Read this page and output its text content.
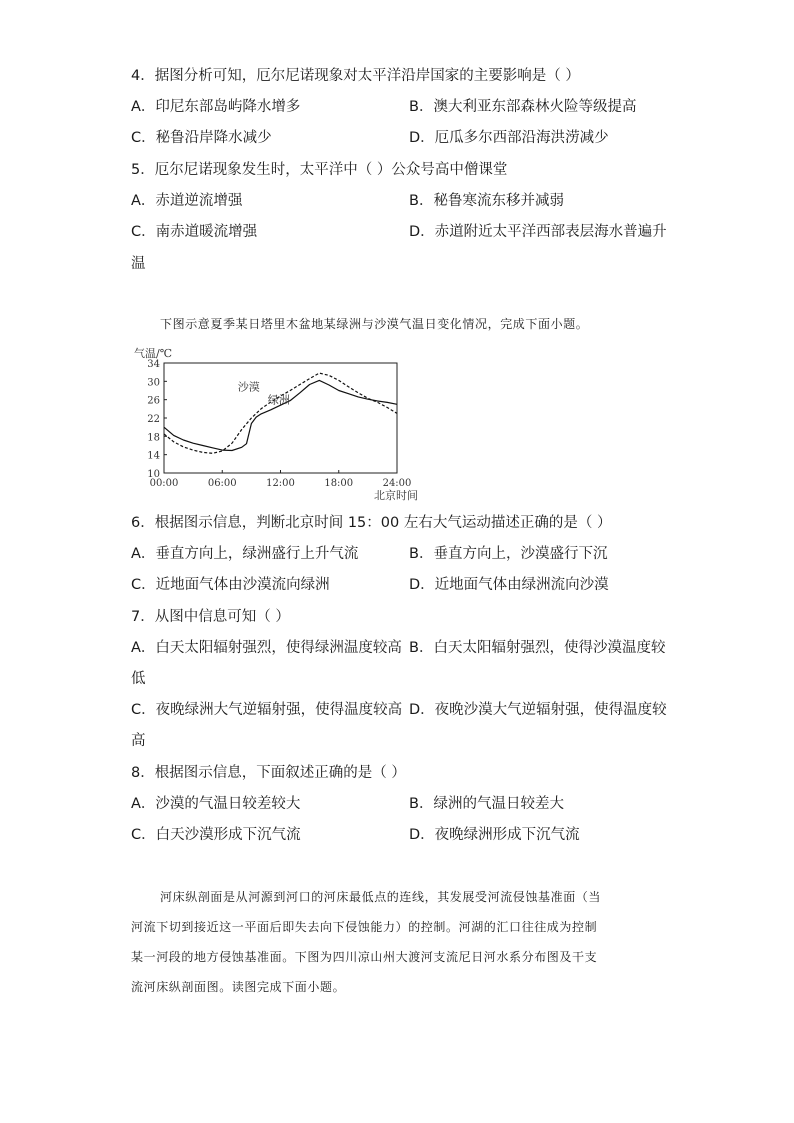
4．据图分析可知，厄尔尼诺现象对太平洋沿岸国家的主要影响是（ ）
A．印尼东部岛屿降水增多	B．澳大利亚东部森林火险等级提高
C．秘鲁沿岸降水减少	D．厄瓜多尔西部沿海洪涝减少
5．厄尔尼诺现象发生时，太平洋中（ ）公众号高中僧课堂
A．赤道逆流增强	B．秘鲁寒流东移并减弱
C．南赤道暖流增强	D．赤道附近太平洋西部表层海水普遍升
温
下图示意夏季某日塔里木盆地某绿洲与沙漠气温日变化情况，完成下面小题。
气温/℃
北京时间
10
14
18
22
26
30
34
00:00	06:00	12:00	18:00	24:00
沙漠
绿洲
6．根据图示信息，判断北京时间 15：00 左右大气运动描述正确的是（ ）
A．垂直方向上，绿洲盛行上升气流	B．垂直方向上，沙漠盛行下沉
C．近地面气体由沙漠流向绿洲	D．近地面气体由绿洲流向沙漠
7．从图中信息可知（ ）
A．白天太阳辐射强烈，使得绿洲温度较高 B．白天太阳辐射强烈，使得沙漠温度较
低
C．夜晚绿洲大气逆辐射强，使得温度较高 D．夜晚沙漠大气逆辐射强，使得温度较
高
8．根据图示信息，下面叙述正确的是（ ）
A．沙漠的气温日较差较大	B．绿洲的气温日较差大
C．白天沙漠形成下沉气流	D．夜晚绿洲形成下沉气流
河床纵剖面是从河源到河口的河床最低点的连线，其发展受河流侵蚀基准面（当
河流下切到接近这一平面后即失去向下侵蚀能力）的控制。河湖的汇口往往成为控制
某一河段的地方侵蚀基准面。下图为四川凉山州大渡河支流尼日河水系分布图及干支
流河床纵剖面图。读图完成下面小题。
